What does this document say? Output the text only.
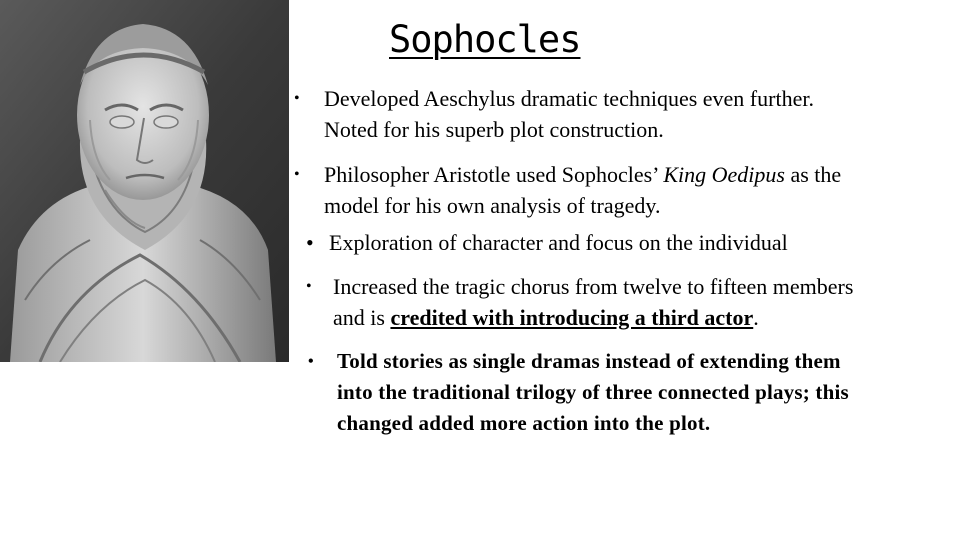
Sophocles
• Developed Aeschylus dramatic techniques even further.
Noted for his superb plot construction.
• Philosopher Aristotle used Sophocles’ King Oedipus as the
model for his own analysis of tragedy.
• Exploration of character and focus on the individual
• Increased the tragic chorus from twelve to fifteen members
and is credited with introducing a third actor.
• Told stories as single dramas instead of extending them
into the traditional trilogy of three connected plays; this
changed added more action into the plot.
